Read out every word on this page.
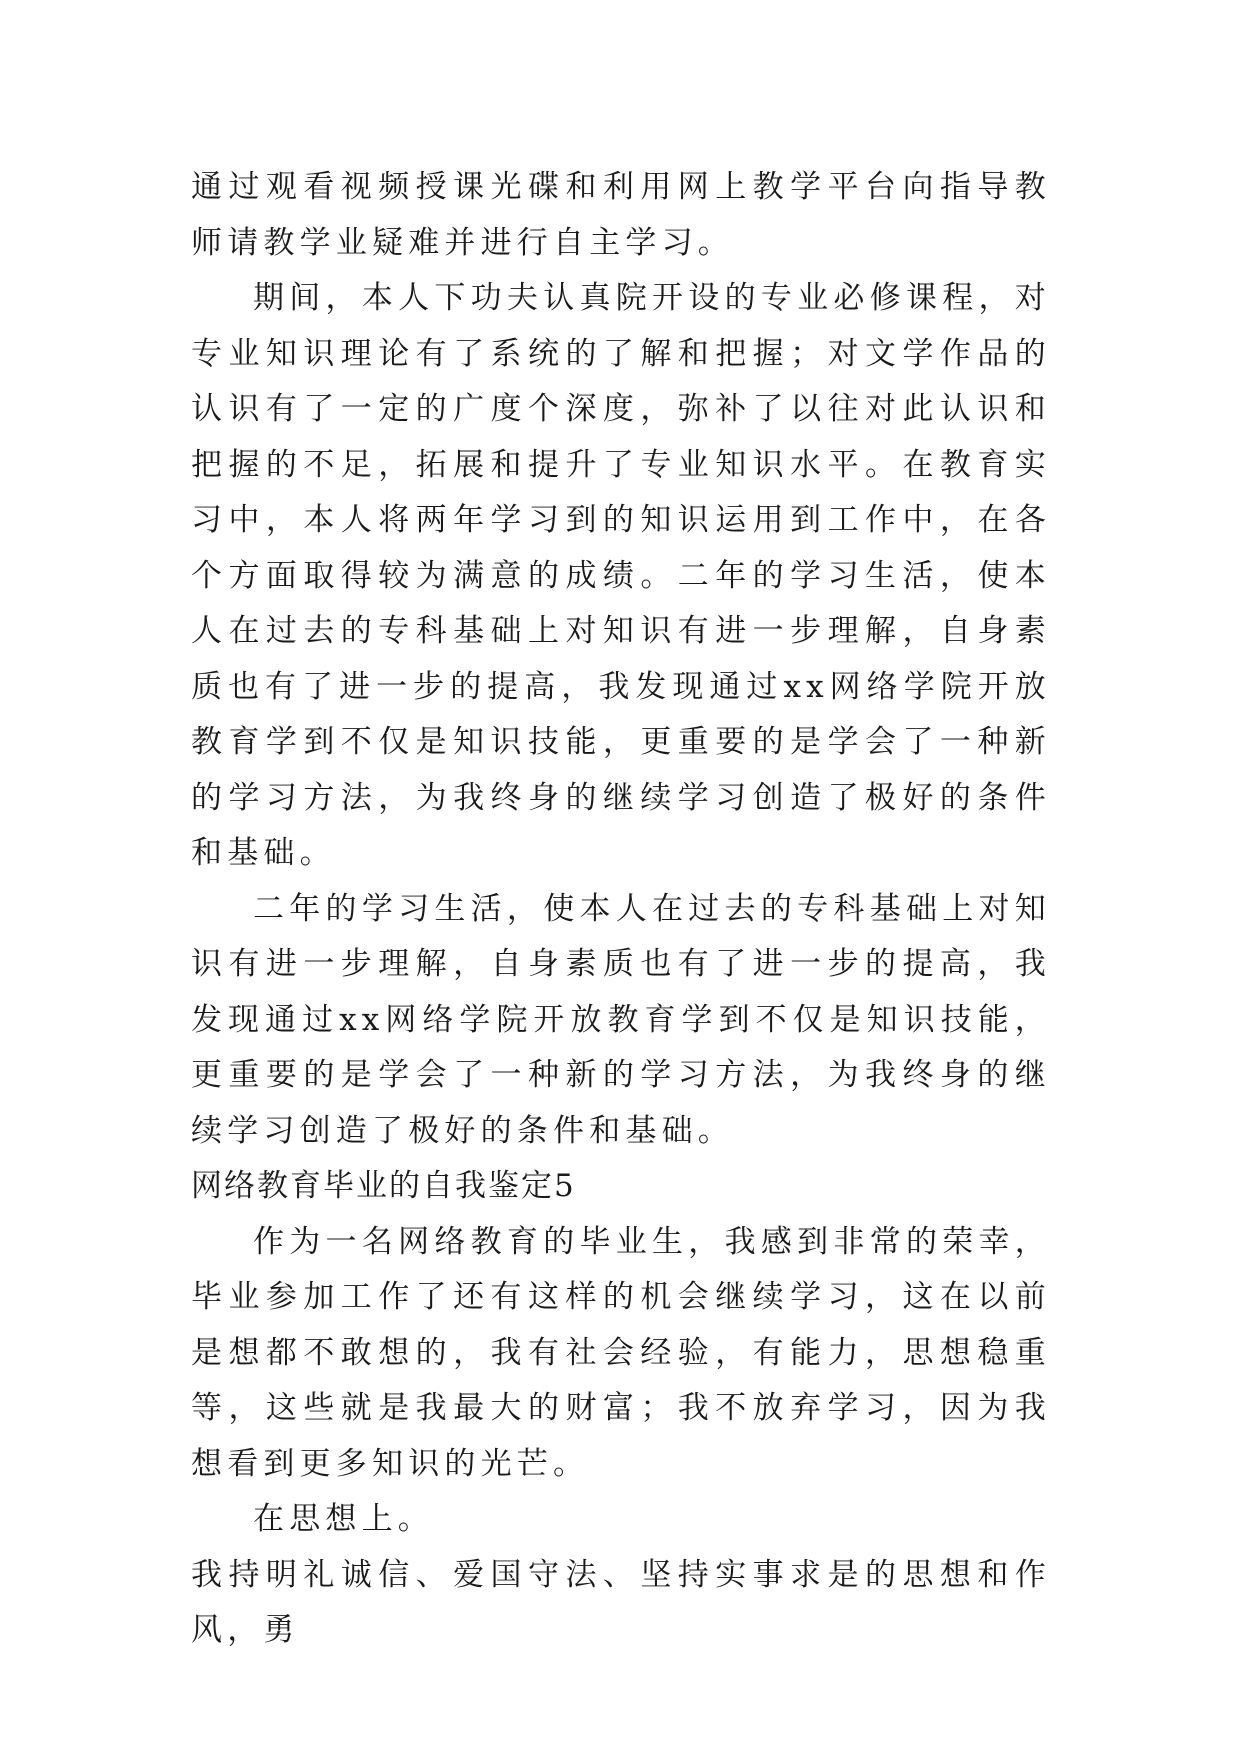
通过观看视频授课光碟和利用网上教学平台向指导教师请教学业疑难并进行自主学习。

期间，本人下功夫认真院开设的专业必修课程，对专业知识理论有了系统的了解和把握；对文学作品的认识有了一定的广度个深度，弥补了以往对此认识和把握的不足，拓展和提升了专业知识水平。在教育实习中，本人将两年学习到的知识运用到工作中，在各个方面取得较为满意的成绩。二年的学习生活，使本人在过去的专科基础上对知识有进一步理解，自身素质也有了进一步的提高，我发现通过xx网络学院开放教育学到不仅是知识技能，更重要的是学会了一种新的学习方法，为我终身的继续学习创造了极好的条件和基础。

二年的学习生活，使本人在过去的专科基础上对知识有进一步理解，自身素质也有了进一步的提高，我发现通过xx网络学院开放教育学到不仅是知识技能，更重要的是学会了一种新的学习方法，为我终身的继续学习创造了极好的条件和基础。

网络教育毕业的自我鉴定5

作为一名网络教育的毕业生，我感到非常的荣幸，毕业参加工作了还有这样的机会继续学习，这在以前是想都不敢想的，我有社会经验，有能力，思想稳重等，这些就是我最大的财富；我不放弃学习，因为我想看到更多知识的光芒。

在思想上。

我持明礼诚信、爱国守法、坚持实事求是的思想和作风，勇
